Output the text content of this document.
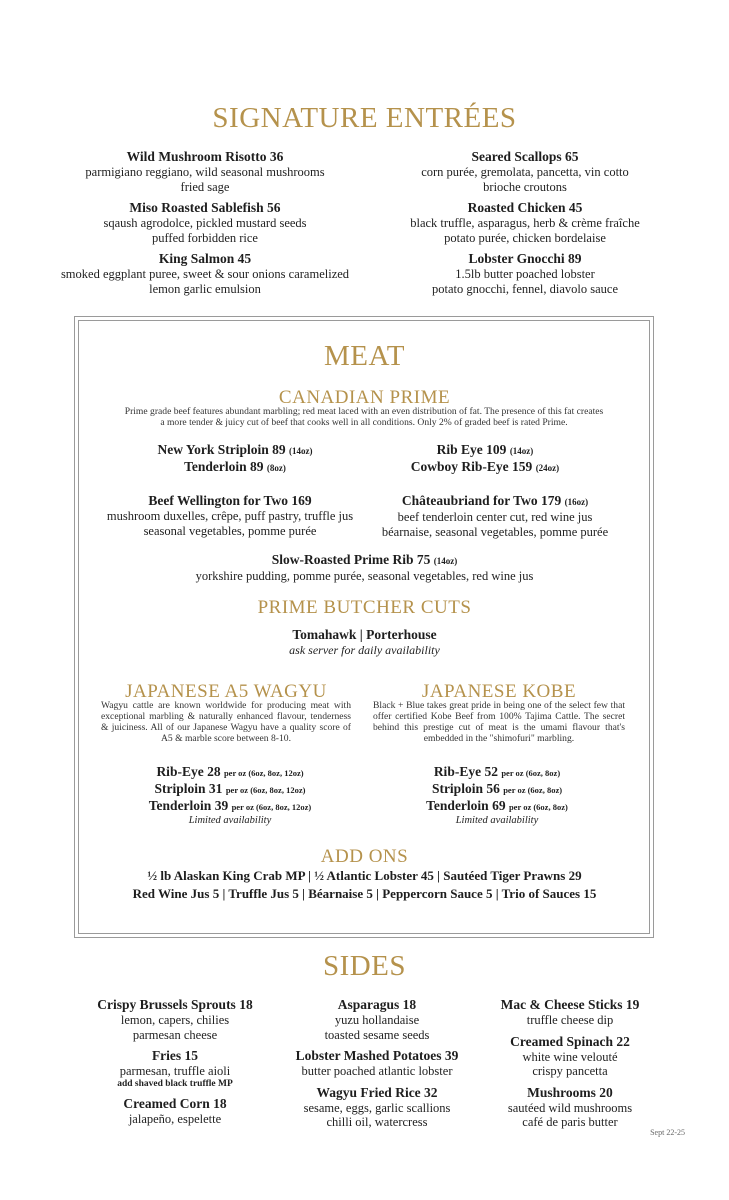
SIGNATURE ENTRÉES
Wild Mushroom Risotto 36
parmigiano reggiano, wild seasonal mushrooms
fried sage
Miso Roasted Sablefish 56
sqaush agrodolce, pickled mustard seeds
puffed forbidden rice
King Salmon 45
smoked eggplant puree, sweet & sour onions caramelized
lemon garlic emulsion
Seared Scallops 65
corn purée, gremolata, pancetta, vin cotto
brioche croutons
Roasted Chicken 45
black truffle, asparagus, herb & crème fraîche
potato purée, chicken bordelaise
Lobster Gnocchi 89
1.5lb butter poached lobster
potato gnocchi, fennel, diavolo sauce
MEAT
CANADIAN PRIME
Prime grade beef features abundant marbling; red meat laced with an even distribution of fat. The presence of this fat creates
a more tender & juicy cut of beef that cooks well in all conditions. Only 2% of graded beef is rated Prime.
New York Striploin 89 (14oz)
Tenderloin 89 (8oz)
Rib Eye 109 (14oz)
Cowboy Rib-Eye 159 (24oz)
Beef Wellington for Two 169
mushroom duxelles, crêpe, puff pastry, truffle jus
seasonal vegetables, pomme purée
Châteaubriand for Two 179 (16oz)
beef tenderloin center cut, red wine jus
béarnaise, seasonal vegetables, pomme purée
Slow-Roasted Prime Rib 75 (14oz)
yorkshire pudding, pomme purée, seasonal vegetables, red wine jus
PRIME BUTCHER CUTS
Tomahawk | Porterhouse
ask server for daily availability
JAPANESE A5 WAGYU
Wagyu cattle are known worldwide for producing meat with exceptional marbling & naturally enhanced flavour, tenderness & juiciness. All of our Japanese Wagyu have a quality score of A5 & marble score between 8-10.
Rib-Eye 28 per oz (6oz, 8oz, 12oz)
Striploin 31 per oz (6oz, 8oz, 12oz)
Tenderloin 39 per oz (6oz, 8oz, 12oz)
Limited availability
JAPANESE KOBE
Black + Blue takes great pride in being one of the select few that offer certified Kobe Beef from 100% Tajima Cattle. The secret behind this prestige cut of meat is the umami flavour that's embedded in the "shimofuri" marbling.
Rib-Eye 52 per oz (6oz, 8oz)
Striploin 56 per oz (6oz, 8oz)
Tenderloin 69 per oz (6oz, 8oz)
Limited availability
ADD ONS
½ lb Alaskan King Crab MP | ½ Atlantic Lobster 45 | Sautéed Tiger Prawns 29
Red Wine Jus 5 | Truffle Jus 5 | Béarnaise 5 | Peppercorn Sauce 5 | Trio of Sauces 15
SIDES
Crispy Brussels Sprouts 18
lemon, capers, chilies
parmesan cheese
Fries 15
parmesan, truffle aioli
add shaved black truffle MP
Creamed Corn 18
jalapeño, espelette
Asparagus 18
yuzu hollandaise
toasted sesame seeds
Lobster Mashed Potatoes 39
butter poached atlantic lobster
Wagyu Fried Rice 32
sesame, eggs, garlic scallions
chilli oil, watercress
Mac & Cheese Sticks 19
truffle cheese dip
Creamed Spinach 22
white wine velouté
crispy pancetta
Mushrooms 20
sautéed wild mushrooms
café de paris butter
Sept 22-25
